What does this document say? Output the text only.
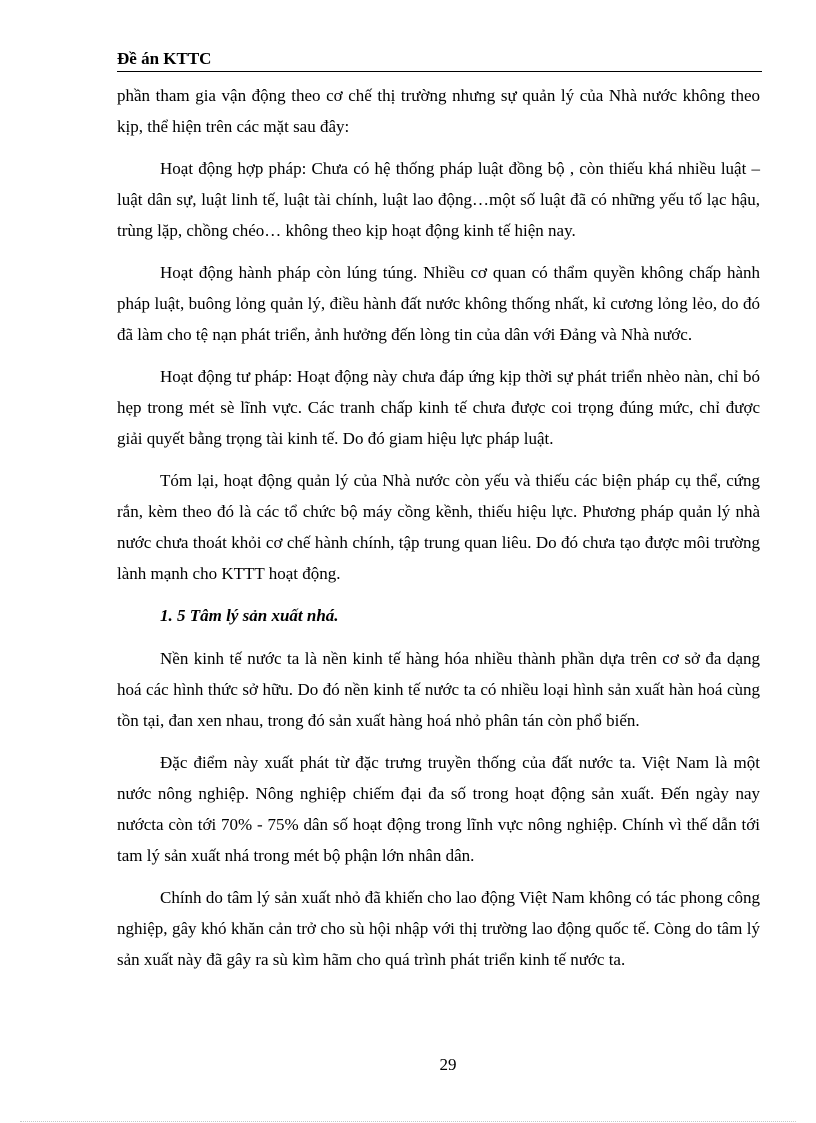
Đề án KTTC

phần tham gia vận động theo cơ chế thị trường nhưng sự quản lý của Nhà nước không theo kịp, thể hiện trên các mặt sau đây:

Hoạt động hợp pháp: Chưa có hệ thống pháp luật đồng bộ , còn thiếu khá nhiều luật – luật dân sự, luật linh tế, luật tài chính, luật lao động…một số luật đã có những yếu tố lạc hậu, trùng lặp, chồng chéo… không theo kịp hoạt động kinh tế hiện nay.

Hoạt động hành pháp còn lúng túng. Nhiều cơ quan có thẩm quyền không chấp hành pháp luật, buông lỏng quản lý, điều hành đất nước không thống nhất, kỉ cương lỏng lẻo, do đó đã làm cho tệ nạn phát triển, ảnh hưởng đến lòng tin của dân với Đảng và Nhà nước.

Hoạt động tư pháp: Hoạt động này chưa đáp ứng kịp thời sự phát triển nhèo nàn, chỉ bó hẹp trong mét sè lĩnh vực. Các tranh chấp kinh tế chưa được coi trọng đúng mức, chỉ được giải quyết bằng trọng tài kinh tế. Do đó giam hiệu lực pháp luật.

Tóm lại, hoạt động quản lý của Nhà nước còn yếu và thiếu các biện pháp cụ thể, cứng rắn, kèm theo đó là các tổ chức bộ máy cồng kềnh, thiếu hiệu lực. Phương pháp quản lý nhà nước chưa thoát khỏi cơ chế hành chính, tập trung quan liêu. Do đó chưa tạo được môi trường lành mạnh cho KTTT hoạt động.

1. 5 Tâm lý sản xuất nhá.

Nền kinh tế nước ta là nền kinh tế hàng hóa nhiều thành phần dựa trên cơ sở đa dạng hoá các hình thức sở hữu. Do đó nền kinh tế nước ta có nhiều loại hình sản xuất hàn hoá cùng tồn tại, đan xen nhau, trong đó sản xuất hàng hoá nhỏ phân tán còn phổ biến.

Đặc điểm này xuất phát từ đặc trưng truyền thống của đất nước ta. Việt Nam là một nước nông nghiệp. Nông nghiệp chiếm đại đa số trong hoạt động sản xuất. Đến ngày nay nướcta còn tới 70% - 75% dân số hoạt động trong lĩnh vực nông nghiệp. Chính vì thế dẫn tới tam lý sản xuất nhá trong mét bộ phận lớn nhân dân.

Chính do tâm lý sản xuất nhỏ đã khiến cho lao động Việt Nam không có tác phong công nghiệp, gây khó khăn cản trở cho sù hội nhập với thị trường lao động quốc tế. Còng do tâm lý sản xuất này đã gây ra sù kìm hãm cho quá trình phát triển kinh tế nước ta.

29
